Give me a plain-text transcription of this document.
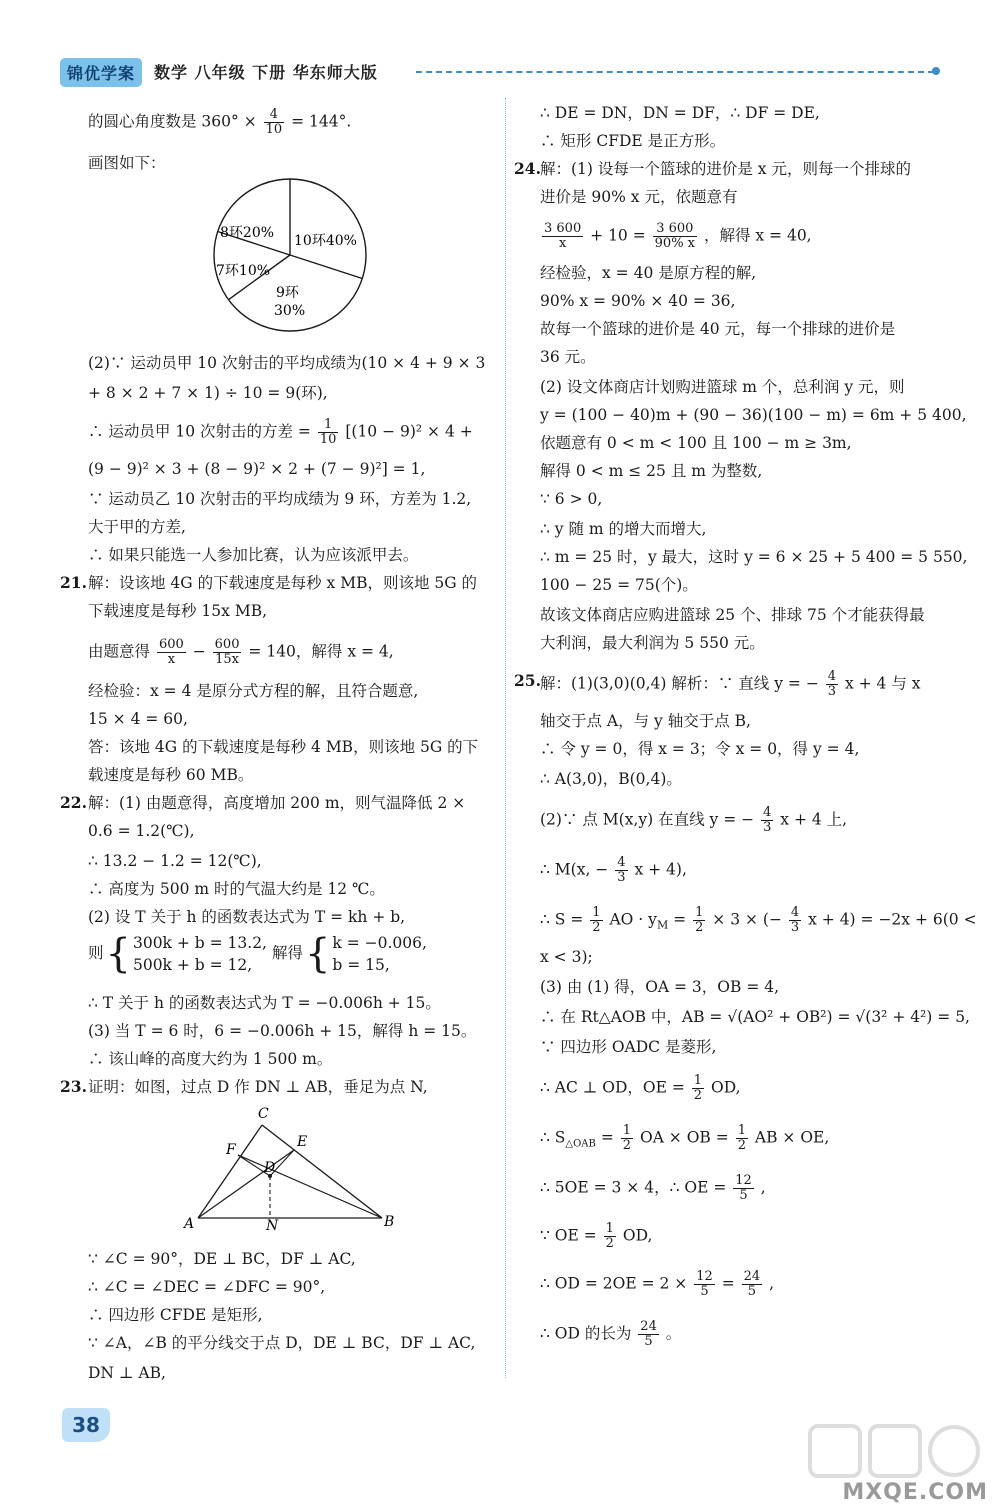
锦优学案	数学 八年级 下册 华东师大版
的圆心角度数是 $360^\circ \times \frac{4}{10} = 144^\circ$.
画图如下：
8环20% 10环40%
7环10%
9环
30%
(2)∵ 运动员甲 10 次射击的平均成绩为(10 × 4 + 9 × 3
+ 8 × 2 + 7 × 1) ÷ 10 = 9(环),
∴ 运动员甲 10 次射击的方差 = $\frac{1}{10} [(10 - 9)^2 \times 4$ +
(9 − 9)² × 3 + (8 − 9)² × 2 + (7 − 9)²] = 1,
∵ 运动员乙 10 次射击的平均成绩为 9 环，方差为 1.2,
大于甲的方差,
∴ 如果只能选一人参加比赛，认为应该派甲去。
21. 解：设该地 4G 的下载速度是每秒 x MB，则该地 5G 的
下载速度是每秒 15x MB,
由题意得 $\frac{600}{x} - \frac{600}{15x} = 140$，解得 x = 4,
经检验：x = 4 是原分式方程的解，且符合题意,
15 × 4 = 60,
答：该地 4G 的下载速度是每秒 4 MB，则该地 5G 的下
载速度是每秒 60 MB。
22. 解：(1) 由题意得，高度增加 200 m，则气温降低 2 ×
0.6 = 1.2(℃),
∴ 13.2 − 1.2 = 12(℃),
∴ 高度为 500 m 时的气温大约是 12 ℃。
(2) 设 T 关于 h 的函数表达式为 T = kh + b,
则{ 300k + b = 13.2,
500k + b = 12, 解得{ k = −0.006,
b = 15,
∴ T 关于 h 的函数表达式为 T = −0.006h + 15。
(3) 当 T = 6 时，6 = −0.006h + 15，解得 h = 15。
∴ 该山峰的高度大约为 1 500 m。
23. 证明：如图，过点 D 作 DN ⊥ AB，垂足为点 N,
C
E
F
D
A	N	B
∵ ∠C = 90°，DE ⊥ BC，DF ⊥ AC,
∴ ∠C = ∠DEC = ∠DFC = 90°,
∴ 四边形 CFDE 是矩形,
∵ ∠A，∠B 的平分线交于点 D，DE ⊥ BC，DF ⊥ AC,
DN ⊥ AB,
∴ DE = DN，DN = DF，∴ DF = DE,
∴ 矩形 CFDE 是正方形。
24. 解：(1) 设每一个篮球的进价是 x 元，则每一个排球的
进价是 90% x 元，依题意有
$\frac{3 600}{x} + 10 = \frac{3 600}{90\% x}$ ，解得 x = 40,
经检验，x = 40 是原方程的解,
90% x = 90% × 40 = 36,
故每一个篮球的进价是 40 元，每一个排球的进价是
36 元。
(2) 设文体商店计划购进篮球 m 个，总利润 y 元，则
y = (100 − 40)m + (90 − 36)(100 − m) = 6m + 5 400,
依题意有 0 < m < 100 且 100 − m ≥ 3m,
解得 0 < m ≤ 25 且 m 为整数,
∵ 6 > 0,
∴ y 随 m 的增大而增大,
∴ m = 25 时，y 最大，这时 y = 6 × 25 + 5 400 = 5 550,
100 − 25 = 75(个)。
故该文体商店应购进篮球 25 个、排球 75 个才能获得最
大利润，最大利润为 5 550 元。
25. 解：(1)(3,0)(0,4) 解析：∵ 直线 y = − $\frac{4}{3}$ x + 4 与 x
轴交于点 A，与 y 轴交于点 B,
∴ 令 y = 0，得 x = 3；令 x = 0，得 y = 4,
∴ A(3,0)，B(0,4)。
(2)∵ 点 M(x,y) 在直线 y = − $\frac{4}{3}$ x + 4 上,
∴ M(x, − $\frac{4}{3}$ x + 4),
∴ $S = \frac{1}{2}$ AO · $y_M = \frac{1}{2} \times 3$ × (− $\frac{4}{3}$ x + 4) = −2x + 6(0 <
x < 3);
(3) 由 (1) 得，OA = 3，OB = 4,
∴ 在 Rt△AOB 中，AB = √(AO² + OB²) = √(3² + 4²) = 5,
∵ 四边形 OADC 是菱形,
∴ AC ⊥ OD，OE = $\frac{1}{2}$ OD,
∴ $S_{\triangle OAB} = \frac{1}{2}$ OA × OB = $\frac{1}{2}$ AB × OE,
∴ 5OE = 3 × 4，∴ OE = $\frac{12}{5}$ ,
∵ OE = $\frac{1}{2}$ OD,
∴ OD = $2OE = 2 \times \frac{12}{5} = \frac{24}{5}$ ,
∴ OD 的长为 $\frac{24}{5}$ 。
38
MXQE.COM
